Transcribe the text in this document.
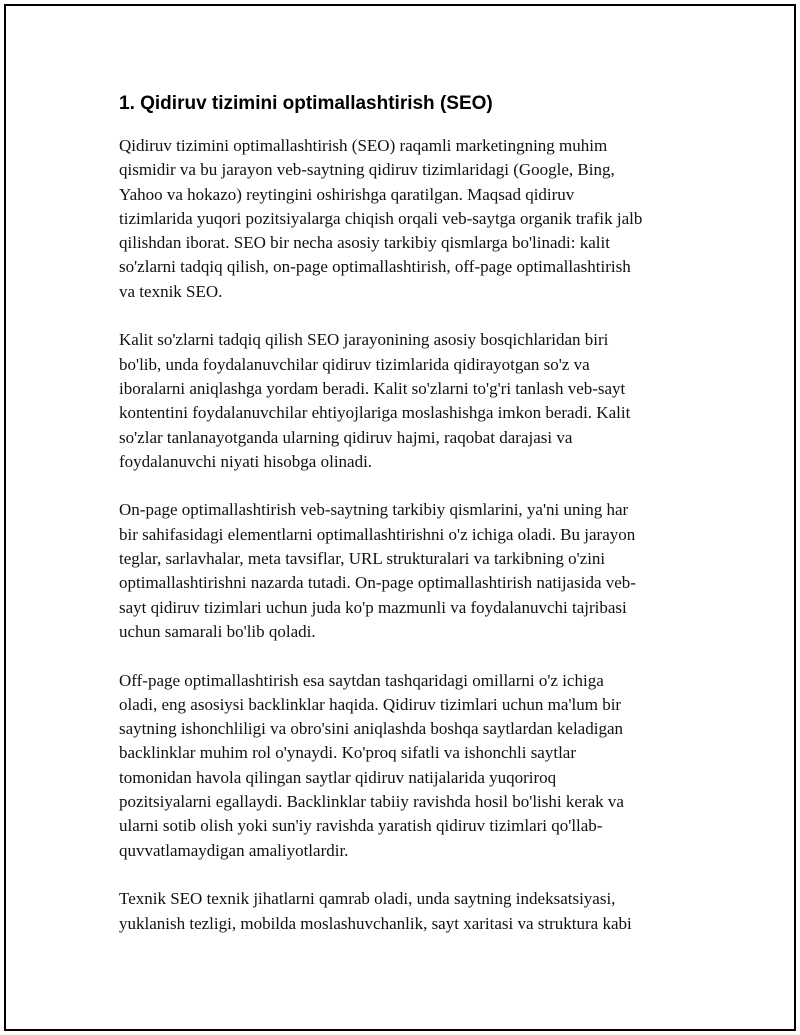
1. Qidiruv tizimini optimallashtirish (SEO)

Qidiruv tizimini optimallashtirish (SEO) raqamli marketingning muhim
qismidir va bu jarayon veb-saytning qidiruv tizimlaridagi (Google, Bing,
Yahoo va hokazo) reytingini oshirishga qaratilgan. Maqsad qidiruv
tizimlarida yuqori pozitsiyalarga chiqish orqali veb-saytga organik trafik jalb
qilishdan iborat. SEO bir necha asosiy tarkibiy qismlarga bo'linadi: kalit
so'zlarni tadqiq qilish, on-page optimallashtirish, off-page optimallashtirish
va texnik SEO.

Kalit so'zlarni tadqiq qilish SEO jarayonining asosiy bosqichlaridan biri
bo'lib, unda foydalanuvchilar qidiruv tizimlarida qidirayotgan so'z va
iboralarni aniqlashga yordam beradi. Kalit so'zlarni to'g'ri tanlash veb-sayt
kontentini foydalanuvchilar ehtiyojlariga moslashishga imkon beradi. Kalit
so'zlar tanlanayotganda ularning qidiruv hajmi, raqobat darajasi va
foydalanuvchi niyati hisobga olinadi.

On-page optimallashtirish veb-saytning tarkibiy qismlarini, ya'ni uning har
bir sahifasidagi elementlarni optimallashtirishni o'z ichiga oladi. Bu jarayon
teglar, sarlavhalar, meta tavsiflar, URL strukturalari va tarkibning o'zini
optimallashtirishni nazarda tutadi. On-page optimallashtirish natijasida veb-
sayt qidiruv tizimlari uchun juda ko'p mazmunli va foydalanuvchi tajribasi
uchun samarali bo'lib qoladi.

Off-page optimallashtirish esa saytdan tashqaridagi omillarni o'z ichiga
oladi, eng asosiysi backlinklar haqida. Qidiruv tizimlari uchun ma'lum bir
saytning ishonchliligi va obro'sini aniqlashda boshqa saytlardan keladigan
backlinklar muhim rol o'ynaydi. Ko'proq sifatli va ishonchli saytlar
tomonidan havola qilingan saytlar qidiruv natijalarida yuqoriroq
pozitsiyalarni egallaydi. Backlinklar tabiiy ravishda hosil bo'lishi kerak va
ularni sotib olish yoki sun'iy ravishda yaratish qidiruv tizimlari qo'llab-
quvvatlamaydigan amaliyotlardir.

Texnik SEO texnik jihatlarni qamrab oladi, unda saytning indeksatsiyasi,
yuklanish tezligi, mobilda moslashuvchanlik, sayt xaritasi va struktura kabi
